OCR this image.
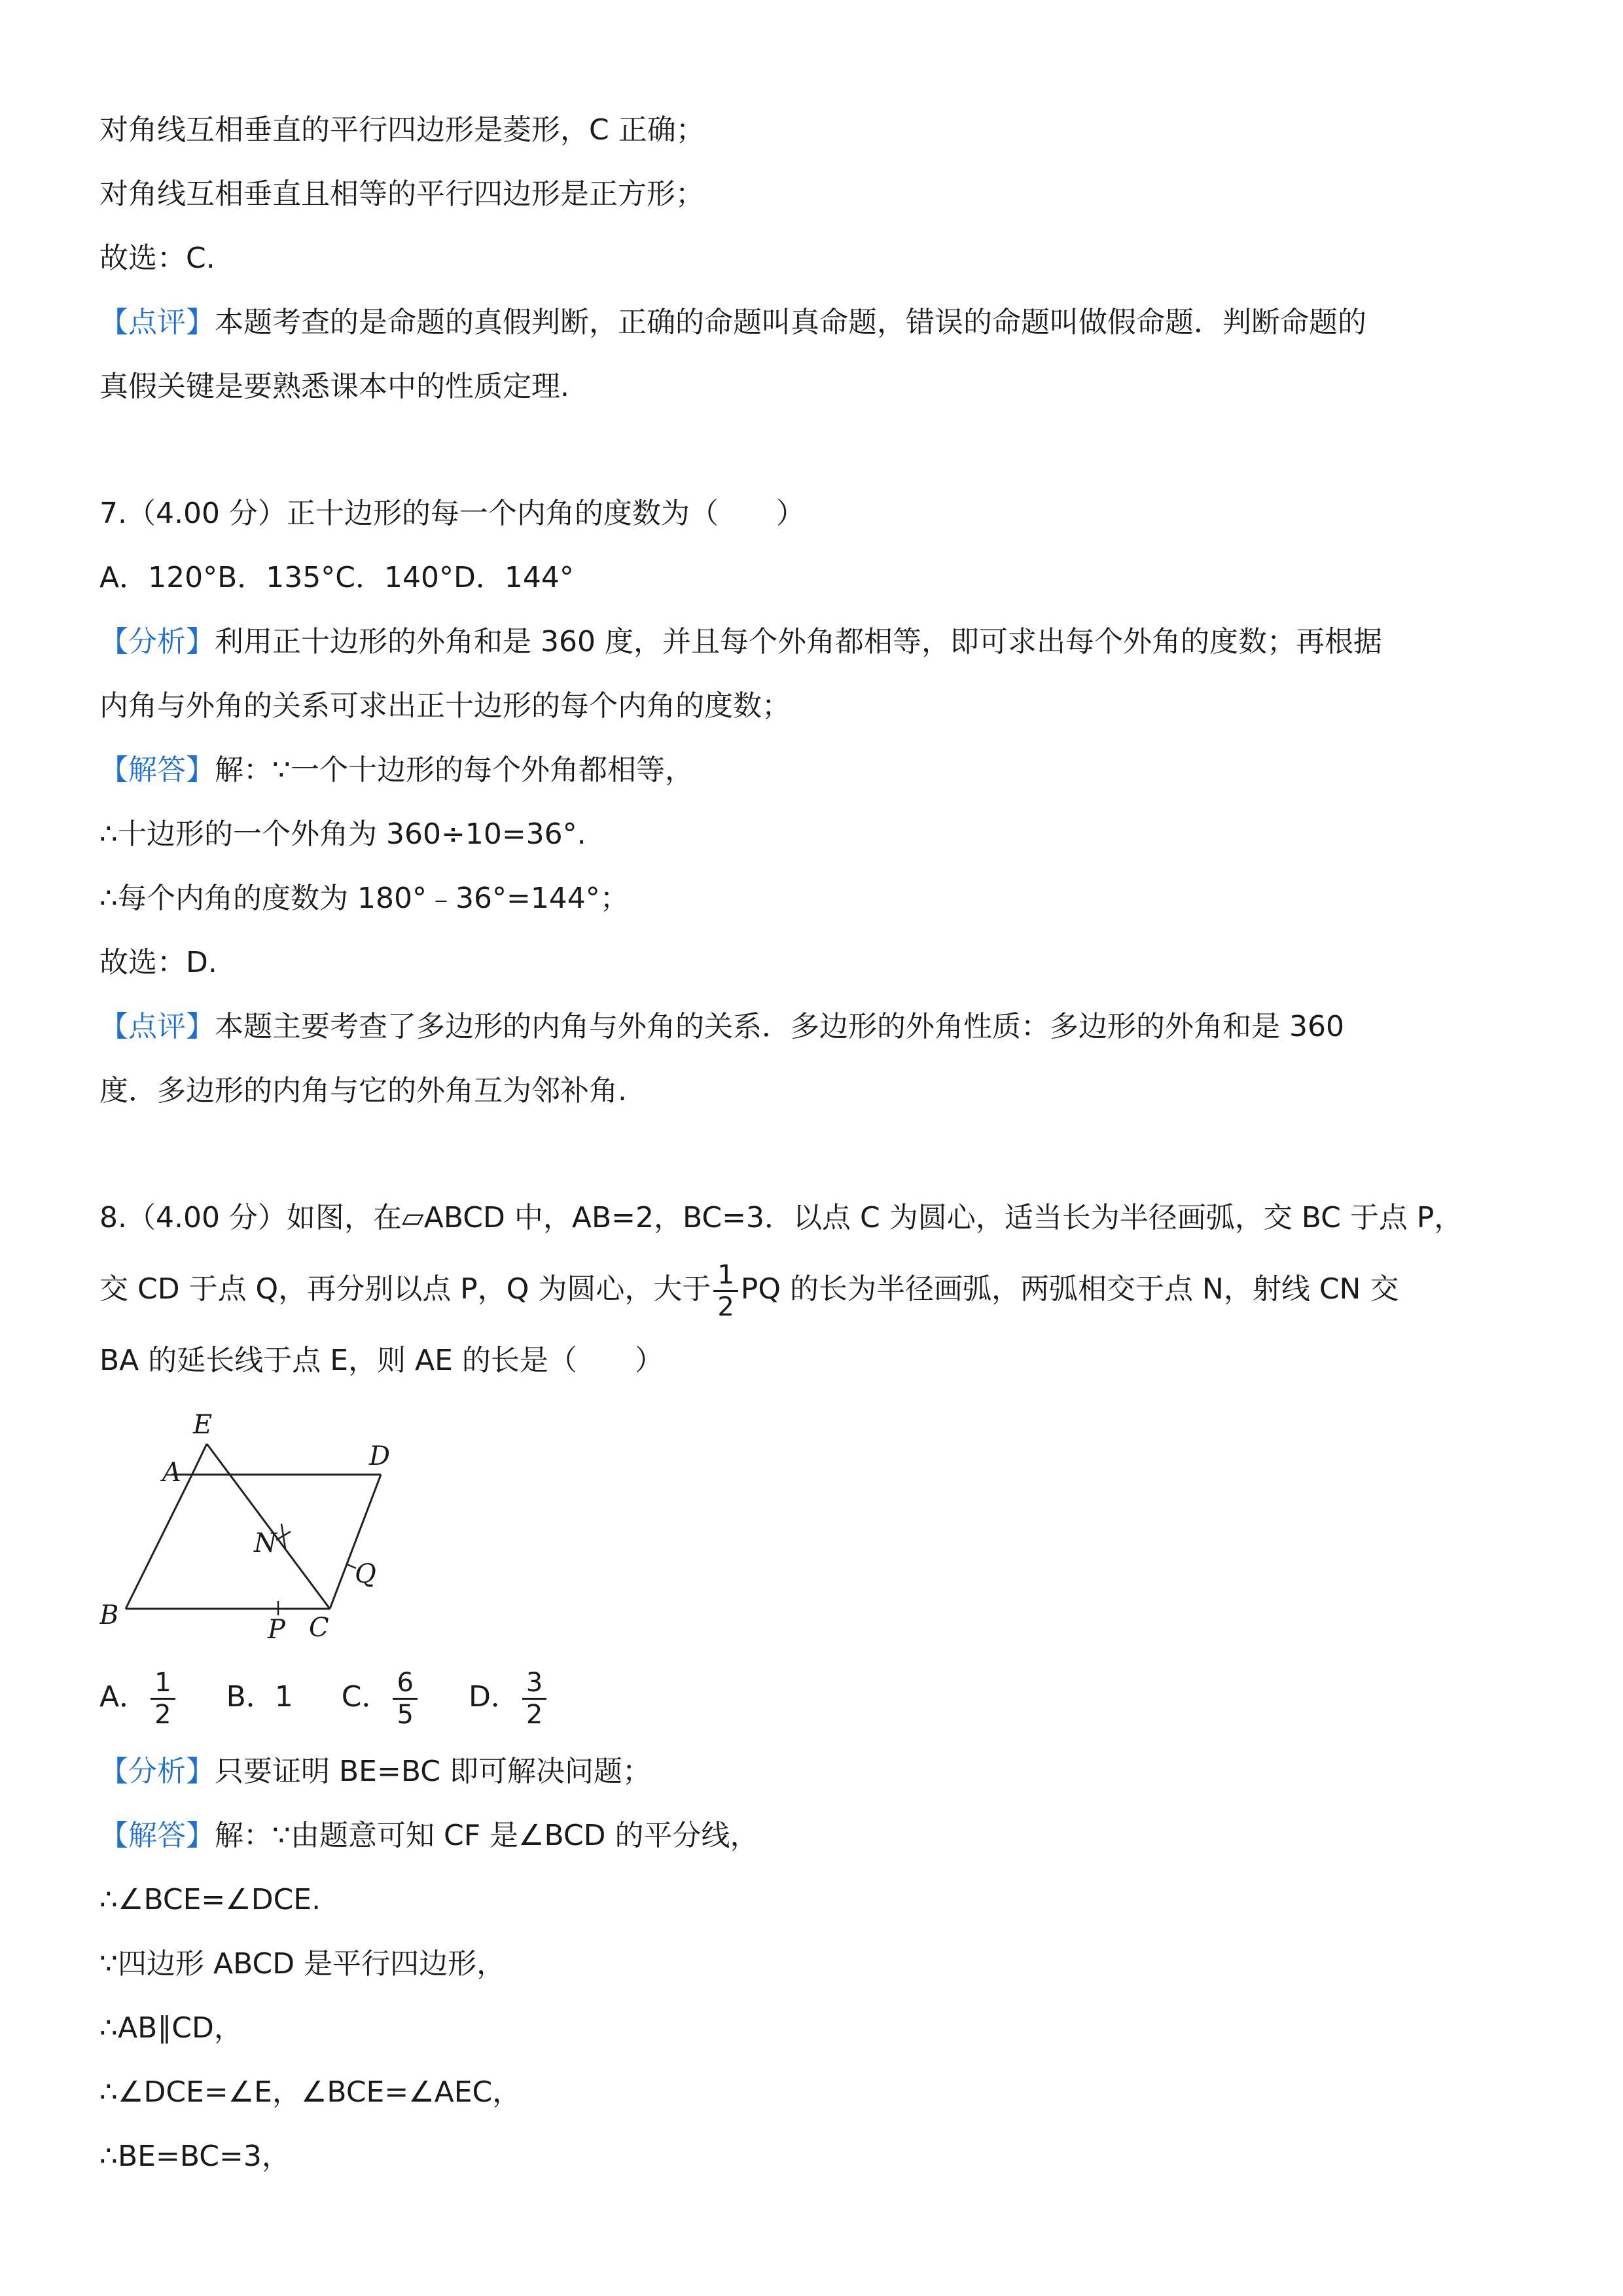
对角线互相垂直的平行四边形是菱形，C 正确；
对角线互相垂直且相等的平行四边形是正方形；
故选：C.
【点评】本题考查的是命题的真假判断，正确的命题叫真命题，错误的命题叫做假命题．判断命题的
真假关键是要熟悉课本中的性质定理.
7.（4.00 分）正十边形的每一个内角的度数为（　　）
A．120°B．135°C．140°D．144°
【分析】利用正十边形的外角和是 360 度，并且每个外角都相等，即可求出每个外角的度数；再根据
内角与外角的关系可求出正十边形的每个内角的度数；
【解答】解：∵一个十边形的每个外角都相等，
∴十边形的一个外角为 360÷10=36°.
∴每个内角的度数为 180°﹣36°=144°；
故选：D.
【点评】本题主要考查了多边形的内角与外角的关系．多边形的外角性质：多边形的外角和是 360
度．多边形的内角与它的外角互为邻补角.
8.（4.00 分）如图，在▱ABCD 中，AB=2，BC=3．以点 C 为圆心，适当长为半径画弧，交 BC 于点 P，
交 CD 于点 Q，再分别以点 P，Q 为圆心，大于 $\frac{1}{2}$ PQ 的长为半径画弧，两弧相交于点 N，射线 CN 交
BA 的延长线于点 E，则 AE 的长是（　　）
E
A
D
N
Q
B	P C
A． $\frac{1}{2}$ B．1 C． $\frac{6}{5}$ D． $\frac{3}{2}$
【分析】只要证明 BE=BC 即可解决问题；
【解答】解：∵由题意可知 CF 是∠BCD 的平分线，
∴∠BCE=∠DCE.
∵四边形 ABCD 是平行四边形，
∴AB∥CD，
∴∠DCE=∠E，∠BCE=∠AEC，
∴BE=BC=3，
